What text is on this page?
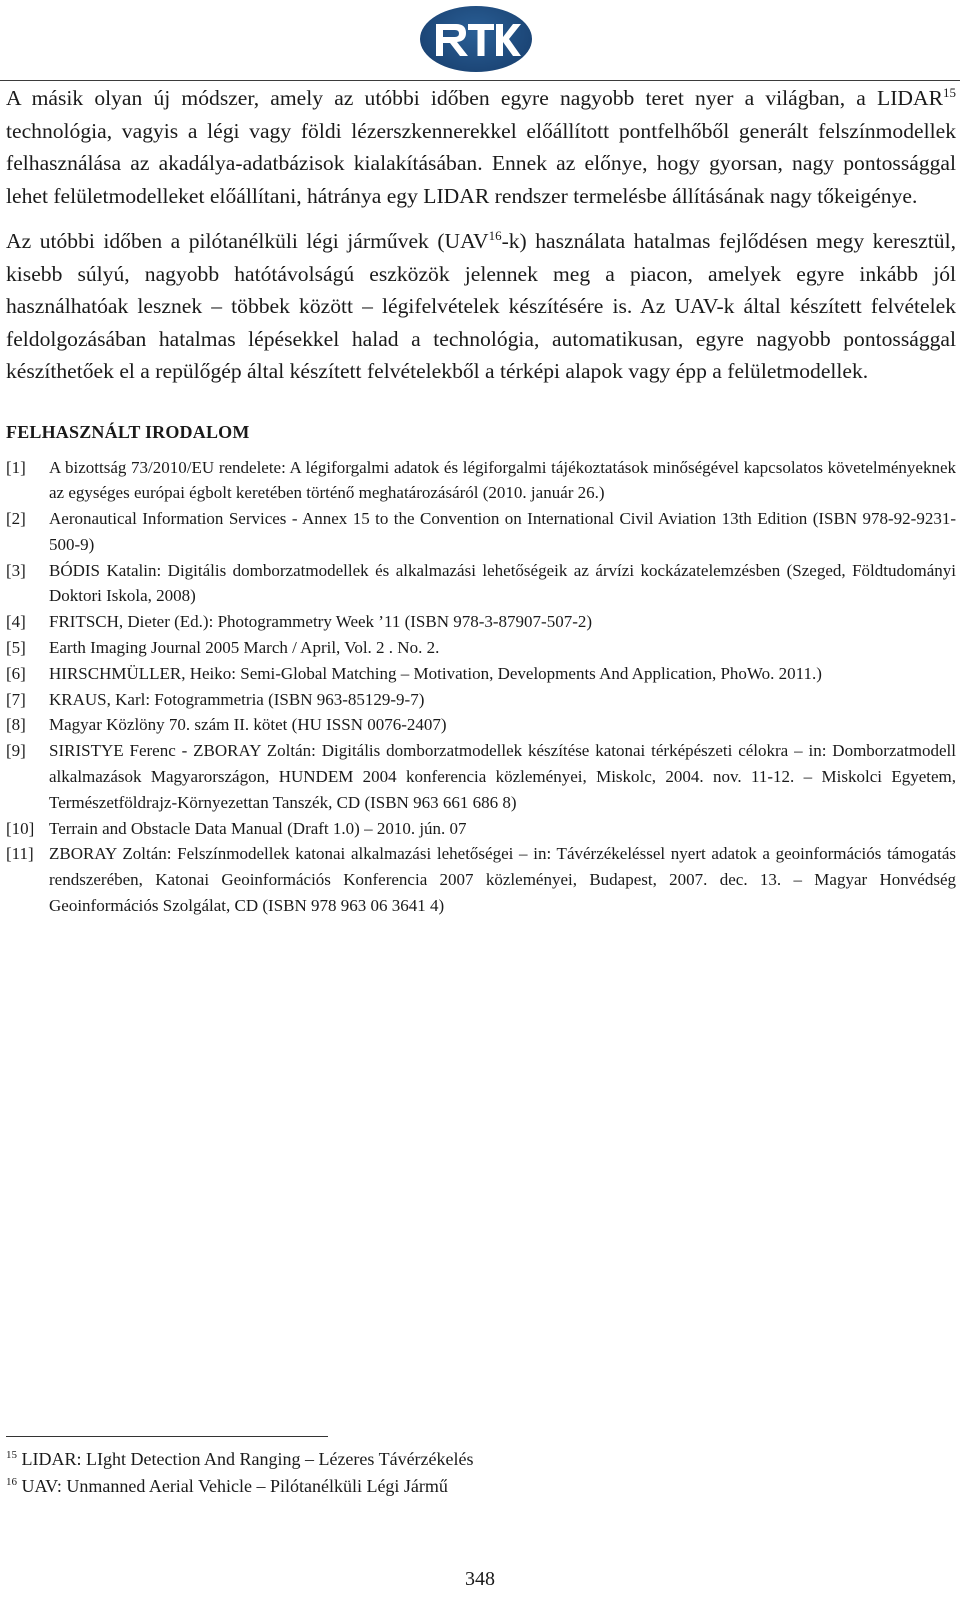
A másik olyan új módszer, amely az utóbbi időben egyre nagyobb teret nyer a világban, a LIDAR$^{15}$ technológia, vagyis a légi vagy földi lézerszkennerekkel előállított pontfelhőből generált felszínmodellek felhasználása az akadálya-adatbázisok kialakításában. Ennek az előnye, hogy gyorsan, nagy pontossággal lehet felületmodelleket előállítani, hátránya egy LIDAR rendszer termelésbe állításának nagy tőkeigénye.

Az utóbbi időben a pilótanélküli légi járművek (UAV$^{16}$-k) használata hatalmas fejlődésen megy keresztül, kisebb súlyú, nagyobb hatótávolságú eszközök jelennek meg a piacon, amelyek egyre inkább jól használhatóak lesznek – többek között – légifelvételek készítésére is. Az UAV-k által készített felvételek feldolgozásában hatalmas lépésekkel halad a technológia, automatikusan, egyre nagyobb pontossággal készíthetőek el a repülőgép által készített felvételekből a térképi alapok vagy épp a felületmodellek.

FELHASZNÁLT IRODALOM
[1] A bizottság 73/2010/EU rendelete: A légiforgalmi adatok és légiforgalmi tájékoztatások minőségével kapcsolatos követelményeknek az egységes európai égbolt keretében történő meghatározásáról (2010. január 26.)
[2] Aeronautical Information Services - Annex 15 to the Convention on International Civil Aviation 13th Edition (ISBN 978-92-9231-500-9)
[3] BÓDIS Katalin: Digitális domborzatmodellek és alkalmazási lehetőségeik az árvízi kockázatelemzésben (Szeged, Földtudományi Doktori Iskola, 2008)
[4] FRITSCH, Dieter (Ed.): Photogrammetry Week ’11 (ISBN 978-3-87907-507-2)
[5] Earth Imaging Journal 2005 March / April, Vol. 2 . No. 2.
[6] HIRSCHMÜLLER, Heiko: Semi-Global Matching – Motivation, Developments And Application, PhoWo. 2011.)
[7] KRAUS, Karl: Fotogrammetria (ISBN 963-85129-9-7)
[8] Magyar Közlöny 70. szám II. kötet (HU ISSN 0076-2407)
[9] SIRISTYE Ferenc - ZBORAY Zoltán: Digitális domborzatmodellek készítése katonai térképészeti célokra – in: Domborzatmodell alkalmazások Magyarországon, HUNDEM 2004 konferencia közleményei, Miskolc, 2004. nov. 11-12. – Miskolci Egyetem, Természetföldrajz-Környezettan Tanszék, CD (ISBN 963 661 686 8)
[10] Terrain and Obstacle Data Manual (Draft 1.0) – 2010. jún. 07
[11] ZBORAY Zoltán: Felszínmodellek katonai alkalmazási lehetőségei – in: Távérzékeléssel nyert adatok a geoinformációs támogatás rendszerében, Katonai Geoinformációs Konferencia 2007 közleményei, Budapest, 2007. dec. 13. – Magyar Honvédség Geoinformációs Szolgálat, CD (ISBN 978 963 06 3641 4)
$^{15}$ LIDAR: LIght Detection And Ranging – Lézeres Távérzékelés
$^{16}$ UAV: Unmanned Aerial Vehicle – Pilótanélküli Légi Jármű
348
